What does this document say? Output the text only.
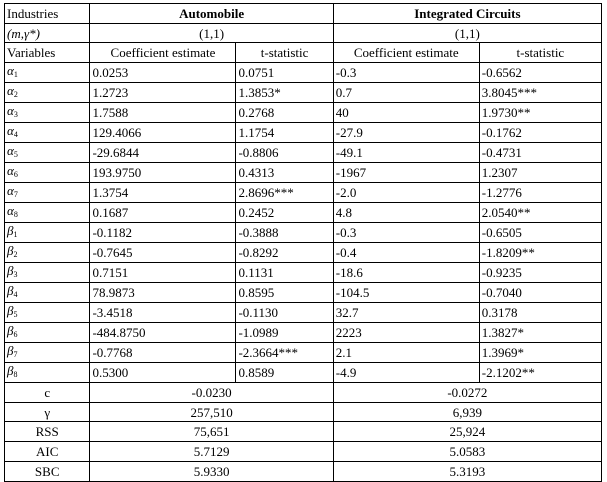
Industries	Automobile		Integrated Circuits	
(m,γ*)	(1,1)		(1,1)	
Variables	Coefficient estimate	t-statistic	Coefficient estimate	t-statistic
$\alpha_1$	0.0253	0.0751	-0.3	-0.6562
$\alpha_2$	1.2723	1.3853*	0.7	3.8045***
$\alpha_3$	1.7588	0.2768	40	1.9730**
$\alpha_4$	129.4066	1.1754	-27.9	-0.1762
$\alpha_5$	-29.6844	-0.8806	-49.1	-0.4731
$\alpha_6$	193.9750	0.4313	-1967	1.2307
$\alpha_7$	1.3754	2.8696***	-2.0	-1.2776
$\alpha_8$	0.1687	0.2452	4.8	2.0540**
$\beta_1$	-0.1182	-0.3888	-0.3	-0.6505
$\beta_2$	-0.7645	-0.8292	-0.4	-1.8209**
$\beta_3$	0.7151	0.1131	-18.6	-0.9235
$\beta_4$	78.9873	0.8595	-104.5	-0.7040
$\beta_5$	-3.4518	-0.1130	32.7	0.3178
$\beta_6$	-484.8750	-1.0989	2223	1.3827*
$\beta_7$	-0.7768	-2.3664***	2.1	1.3969*
$\beta_8$	0.5300	0.8589	-4.9	-2.1202**
c	-0.0230		-0.0272	
γ	257,510		6,939	
RSS	75,651		25,924	
AIC	5.7129		5.0583	
SBC	5.9330		5.3193	
